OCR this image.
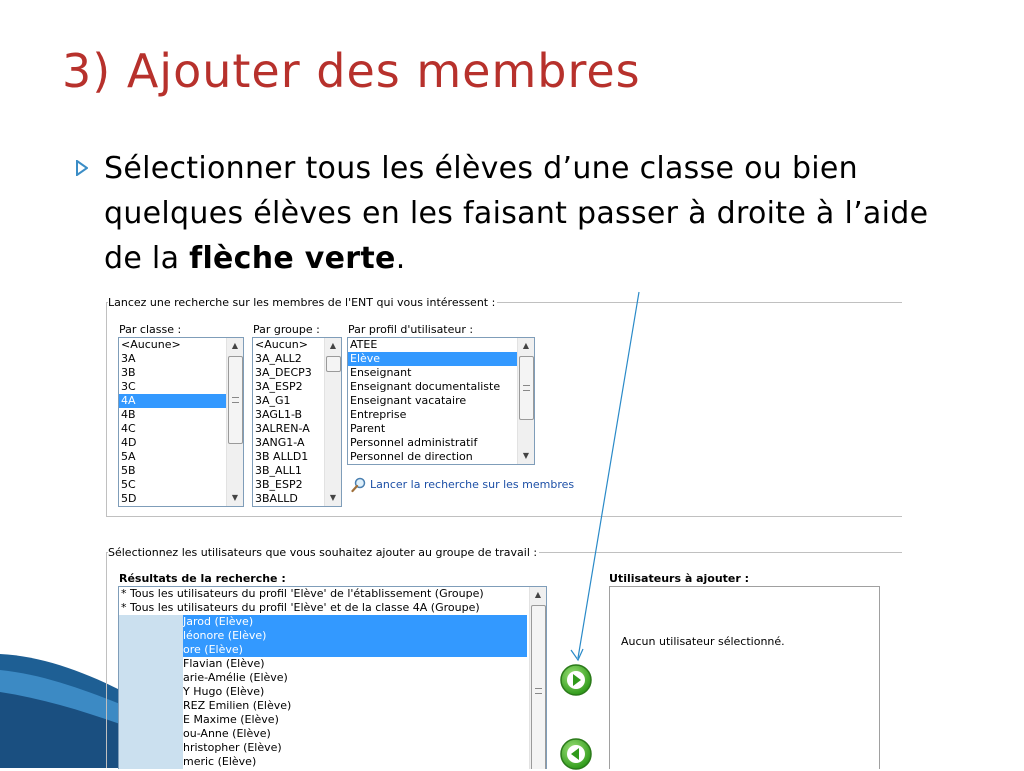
3) Ajouter des membres

Sélectionner tous les élèves d’une classe ou bien quelques élèves en les faisant passer à droite à l’aide de la flèche verte.

Lancez une recherche sur les membres de l'ENT qui vous intéressent :
Par classe :	Par groupe :	Par profil d'utilisateur :
<Aucune>
3A
3B
3C
4A
4B
4C
4D
5A
5B
5C
5D
▲
▼
<Aucun>
3A_ALL2
3A_DECP3
3A_ESP2
3A_G1
3AGL1-B
3ALREN-A
3ANG1-A
3B ALLD1
3B_ALL1
3B_ESP2
3BALLD
▲
▼
ATEE
Elève
Enseignant
Enseignant documentaliste
Enseignant vacataire
Entreprise
Parent
Personnel administratif
Personnel de direction
▲
▼
Lancer la recherche sur les membres
Sélectionnez les utilisateurs que vous souhaitez ajouter au groupe de travail :
Résultats de la recherche :	Utilisateurs à ajouter :
* Tous les utilisateurs du profil 'Elève' de l'établissement (Groupe)
* Tous les utilisateurs du profil 'Elève' et de la classe 4A (Groupe)
Jarod (Elève)
léonore (Elève)
ore (Elève)
Flavian (Elève)
arie-Amélie (Elève)
Y Hugo (Elève)
REZ Emilien (Elève)
E Maxime (Elève)
ou-Anne (Elève)
hristopher (Elève)
meric (Elève)
▲
Aucun utilisateur sélectionné.
